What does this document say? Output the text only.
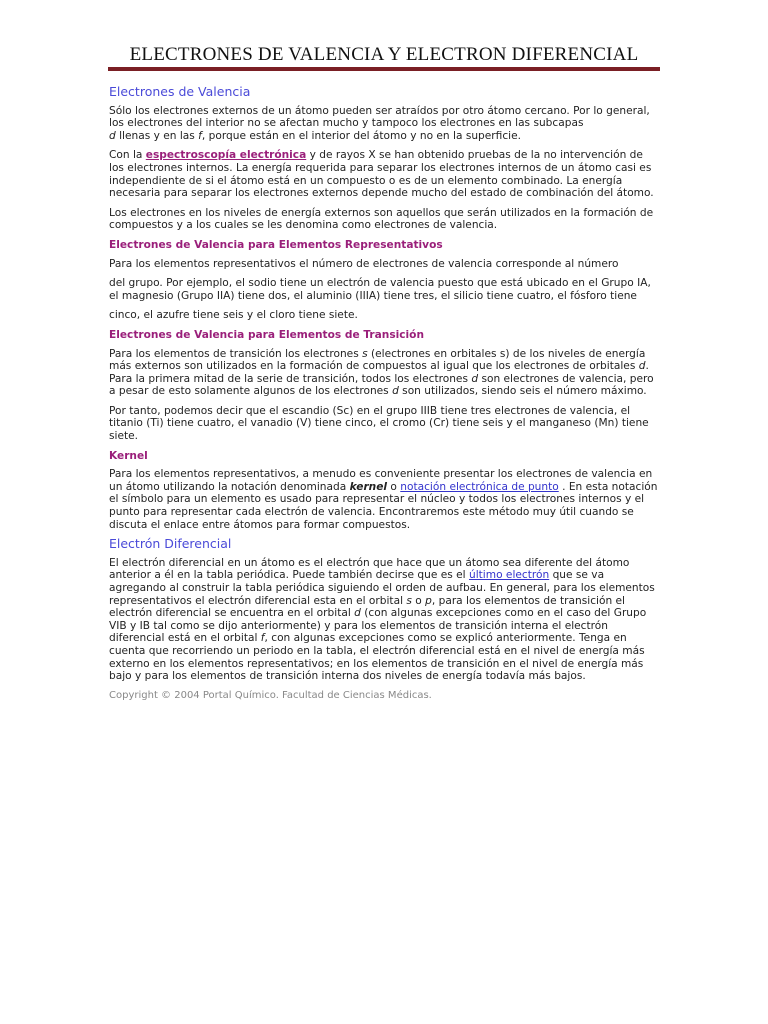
ELECTRONES DE VALENCIA Y ELECTRON DIFERENCIAL
Electrones de Valencia

Sólo los electrones externos de un átomo pueden ser atraídos por otro átomo cercano. Por lo general, los electrones del interior no se afectan mucho y tampoco los electrones en las subcapas
d llenas y en las f, porque están en el interior del átomo y no en la superficie.

Con la espectroscopía electrónica y de rayos X se han obtenido pruebas de la no intervención de los electrones internos. La energía requerida para separar los electrones internos de un átomo casi es independiente de si el átomo está en un compuesto o es de un elemento combinado. La energía necesaria para separar los electrones externos depende mucho del estado de combinación del átomo.

Los electrones en los niveles de energía externos son aquellos que serán utilizados en la formación de compuestos y a los cuales se les denomina como electrones de valencia.

Electrones de Valencia para Elementos Representativos

Para los elementos representativos el número de electrones de valencia corresponde al número

del grupo. Por ejemplo, el sodio tiene un electrón de valencia puesto que está ubicado en el Grupo IA, el magnesio (Grupo IIA) tiene dos, el aluminio (IIIA) tiene tres, el silicio tiene cuatro, el fósforo tiene

cinco, el azufre tiene seis y el cloro tiene siete.

Electrones de Valencia para Elementos de Transición

Para los elementos de transición los electrones s (electrones en orbitales s) de los niveles de energía más externos son utilizados en la formación de compuestos al igual que los electrones de orbitales d. Para la primera mitad de la serie de transición, todos los electrones d son electrones de valencia, pero a pesar de esto solamente algunos de los electrones d son utilizados, siendo seis el número máximo.

Por tanto, podemos decir que el escandio (Sc) en el grupo IIIB tiene tres electrones de valencia, el titanio (Ti) tiene cuatro, el vanadio (V) tiene cinco, el cromo (Cr) tiene seis y el manganeso (Mn) tiene siete.

Kernel

Para los elementos representativos, a menudo es conveniente presentar los electrones de valencia en un átomo utilizando la notación denominada kernel o notación electrónica de punto . En esta notación el símbolo para un elemento es usado para representar el núcleo y todos los electrones internos y el punto para representar cada electrón de valencia. Encontraremos este método muy útil cuando se discuta el enlace entre átomos para formar compuestos.

Electrón Diferencial

El electrón diferencial en un átomo es el electrón que hace que un átomo sea diferente del átomo anterior a él en la tabla periódica. Puede también decirse que es el último electrón que se va agregando al construir la tabla periódica siguiendo el orden de aufbau. En general, para los elementos representativos el electrón diferencial esta en el orbital s o p, para los elementos de transición el electrón diferencial se encuentra en el orbital d (con algunas excepciones como en el caso del Grupo VIB y IB tal como se dijo anteriormente) y para los elementos de transición interna el electrón diferencial está en el orbital f, con algunas excepciones como se explicó anteriormente. Tenga en cuenta que recorriendo un periodo en la tabla, el electrón diferencial está en el nivel de energía más externo en los elementos representativos; en los elementos de transición en el nivel de energía más bajo y para los elementos de transición interna dos niveles de energía todavía más bajos.

Copyright © 2004 Portal Químico. Facultad de Ciencias Médicas.
